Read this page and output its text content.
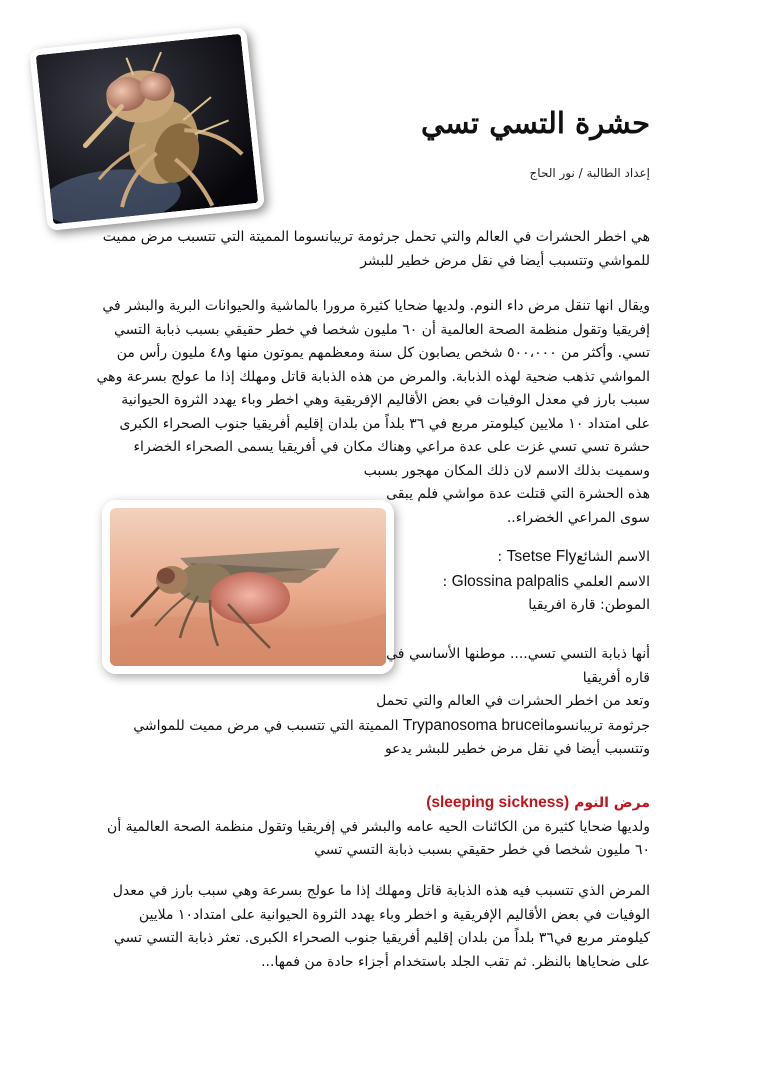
حشرة التسي تسي
إعداد الطالبة / نور الحاج
هي اخطر الحشرات في العالم والتي تحمل جرثومة تريبانسوما المميتة التي تتسبب مرض مميت
للمواشي وتتسبب أيضا في نقل مرض خطير للبشر
ويقال انها تنقل مرض داء النوم. ولديها ضحايا كثيرة مرورا بالماشية والحيوانات البرية والبشر في
إفريقيا وتقول منظمة الصحة العالمية أن ٦٠ مليون شخصا في خطر حقيقي بسبب ذبابة التسي
تسي. وأكثر من ٥٠٠،٠٠٠ شخص يصابون كل سنة ومعظمهم يموتون منها و٤٨ مليون رأس من
المواشي تذهب ضحية لهذه الذبابة. والمرض من هذه الذبابة قاتل ومهلك إذا ما عولج بسرعة وهي
سبب بارز في معدل الوفيات في بعض الأقاليم الإفريقية وهي اخطر وباء يهدد الثروة الحيوانية
على امتداد ١٠ ملايين كيلومتر مربع في ٣٦ بلداً من بلدان إقليم أفريقيا جنوب الصحراء الكبرى
حشرة تسي تسي غزت على عدة مراعي وهناك مكان في أفريقيا يسمى الصحراء الخضراء
وسميت بذلك الاسم لان ذلك المكان مهجور بسبب
هذه الحشرة التي قتلت عدة مواشي فلم يبقى
سوى المراعي الخضراء..
الاسم الشائعTsetse Fly :
الاسم العلمي Glossina palpalis :
الموطن: قارة افريقيا
أنها ذبابة التسي تسي.... موطنها الأساسي في
قاره أفريقيا
وتعد من اخطر الحشرات في العالم والتي تحمل
جرثومة تريبانسوماTrypanosoma brucei المميتة التي تتسبب في مرض مميت للمواشي
وتتسبب أيضا في نقل مرض خطير للبشر يدعو
مرض النوم (sleeping sickness)
ولديها ضحايا كثيرة من الكائنات الحيه عامه والبشر في إفريقيا وتقول منظمة الصحة العالمية أن
٦٠ مليون شخصا في خطر حقيقي بسبب ذبابة التسي تسي
المرض الذي تتسبب فيه هذه الذبابة قاتل ومهلك إذا ما عولج بسرعة وهي سبب بارز في معدل
الوفيات في بعض الأقاليم الإفريقية و اخطر وباء يهدد الثروة الحيوانية على امتداد١٠ ملايين
كيلومتر مربع في٣٦ بلداً من بلدان إقليم أفريقيا جنوب الصحراء الكبرى. تعثر ذبابة التسي تسي
على ضحاياها بالنظر. ثم تقب الجلد باستخدام أجزاء حادة من فمها...
